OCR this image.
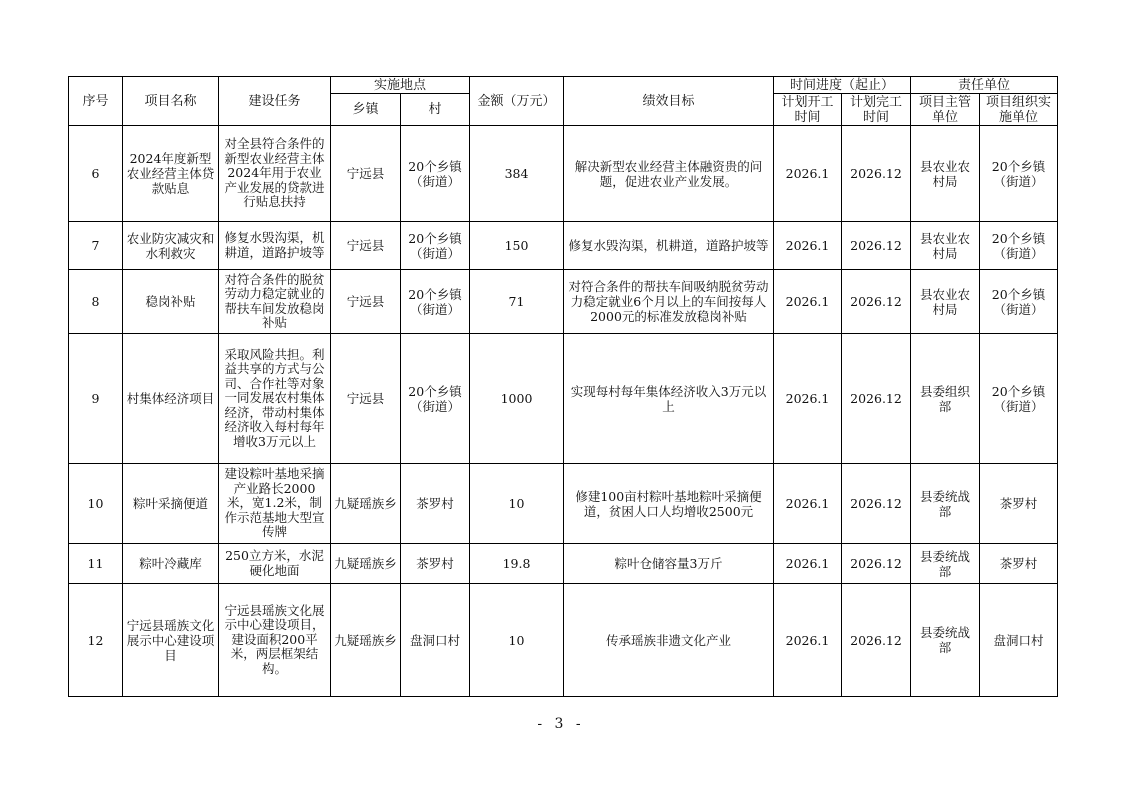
序号	项目名称	建设任务	实施地点		金额（万元）	绩效目标	时间进度（起止）		责任单位	
			乡镇	村			计划开工时间	计划完工时间	项目主管单位	项目组织实施单位
6	2024年度新型农业经营主体贷款贴息	对全县符合条件的新型农业经营主体2024年用于农业产业发展的贷款进行贴息扶持	宁远县	20个乡镇（街道）	384	解决新型农业经营主体融资贵的问题，促进农业产业发展。	2026.1	2026.12	县农业农村局	20个乡镇（街道）
7	农业防灾减灾和水利救灾	修复水毁沟渠，机耕道，道路护坡等	宁远县	20个乡镇（街道）	150	修复水毁沟渠，机耕道，道路护坡等	2026.1	2026.12	县农业农村局	20个乡镇（街道）
8	稳岗补贴	对符合条件的脱贫劳动力稳定就业的帮扶车间发放稳岗补贴	宁远县	20个乡镇（街道）	71	对符合条件的帮扶车间吸纳脱贫劳动力稳定就业6个月以上的车间按每人2000元的标准发放稳岗补贴	2026.1	2026.12	县农业农村局	20个乡镇（街道）
9	村集体经济项目	采取风险共担。利益共享的方式与公司、合作社等对象一同发展农村集体经济，带动村集体经济收入每村每年增收3万元以上	宁远县	20个乡镇（街道）	1000	实现每村每年集体经济收入3万元以上	2026.1	2026.12	县委组织部	20个乡镇（街道）
10	粽叶采摘便道	建设粽叶基地采摘产业路长2000米，宽1.2米，制作示范基地大型宣传牌	九疑瑶族乡	茶罗村	10	修建100亩村粽叶基地粽叶采摘便道，贫困人口人均增收2500元	2026.1	2026.12	县委统战部	茶罗村
11	粽叶冷藏库	250立方米，水泥硬化地面	九疑瑶族乡	茶罗村	19.8	粽叶仓储容量3万斤	2026.1	2026.12	县委统战部	茶罗村
12	宁远县瑶族文化展示中心建设项目	宁远县瑶族文化展示中心建设项目，建设面积200平米，两层框架结构。	九疑瑶族乡	盘洞口村	10	传承瑶族非遗文化产业	2026.1	2026.12	县委统战部	盘洞口村
- 3 -
